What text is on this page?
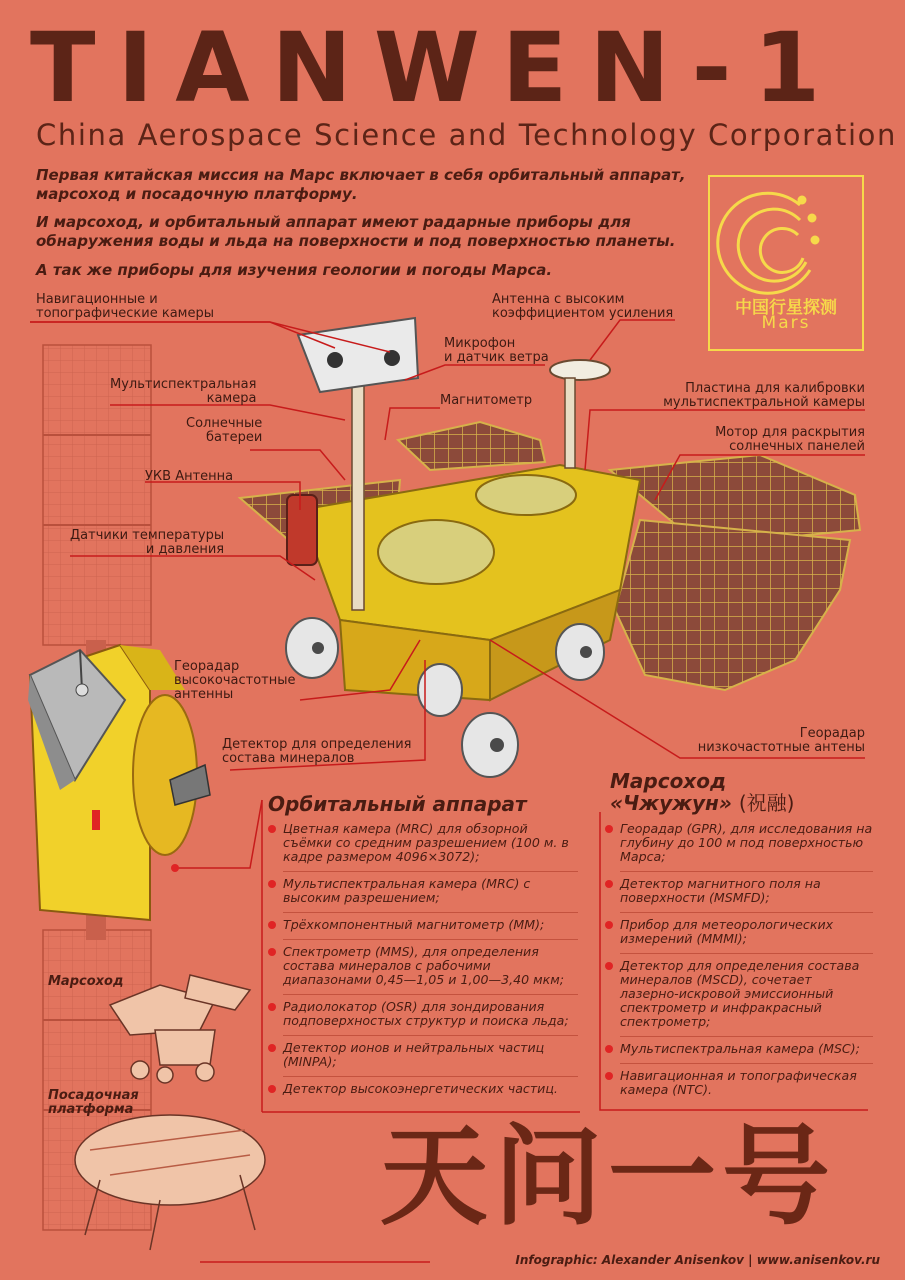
TIANWEN-1
China Aerospace Science and Technology Corporation
Первая китайская миссия на Марс включает в себя орбитальный аппарат, марсоход и посадочную платформу.
И марсоход, и орбитальный аппарат имеют радарные приборы для обнаружения воды и льда на поверхности и под поверхностью планеты.
А так же приборы для изучения геологии и погоды Марса.
中国行星探测
Mars
Навигационные и
топографические камеры
Антенна с высоким
коэффициентом усиления
Микрофон
и датчик ветра
Мультиспектральная
камера	Магнитометр
Пластина для калибровки
мультиспектральной камеры
Солнечные
батереи	Мотор для раскрытия
солнечных панелей
УКВ Антенна
Датчики температуры
и давления
Георадар
высокочастотные
антенны
Георадар
низкочастотные антены
Детектор для определения
состава минералов
Орбитальный аппарат
Цветная камера (MRC) для обзорной съёмки со средним разрешением (100 м. в кадре размером 4096×3072);
Мультиспектральная камера (MRC) с высоким разрешением;
Трёхкомпонентный магнитометр (MM);
Спектрометр (MMS), для определения состава минералов с рабочими диапазонами 0,45—1,05 и 1,00—3,40 мкм;
Радиолокатор (OSR) для зондирования подповерхностых структур и поиска льда;
Детектор ионов и нейтральных частиц (MINPA);
Детектор высокоэнергетических частиц.
Марсоход
«Чжужун» (祝融)
Георадар (GPR), для исследования на глубину до 100 м под поверхностью Марса;
Детектор магнитного поля на поверхности (MSMFD);
Прибор для метеорологических измерений (MMMI);
Детектор для определения состава минералов (MSCD), сочетает лазерно-искровой эмиссионный спектрометр и инфракрасный спектрометр;
Мультиспектральная камера (MSC);
Навигационная и топографическая камера (NTC).
Марсоход
Посадочная
платформа
天问一号
Infographic: Alexander Anisenkov | www.anisenkov.ru
